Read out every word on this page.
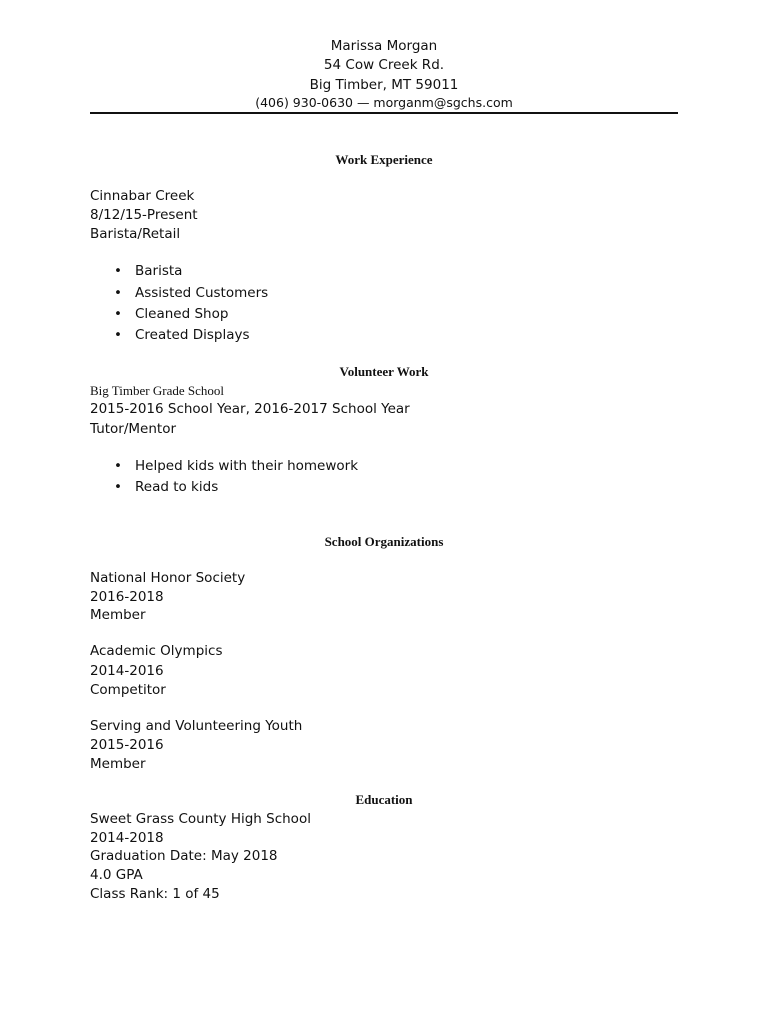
Marissa Morgan
54 Cow Creek Rd.
Big Timber, MT 59011
(406) 930-0630 — morganm@sgchs.com
Work Experience
Cinnabar Creek
8/12/15-Present
Barista/Retail
• Barista
• Assisted Customers
• Cleaned Shop
• Created Displays
Volunteer Work
Big Timber Grade School
2015-2016 School Year, 2016-2017 School Year
Tutor/Mentor
• Helped kids with their homework
• Read to kids
School Organizations
National Honor Society
2016-2018
Member
Academic Olympics
2014-2016
Competitor
Serving and Volunteering Youth
2015-2016
Member
Education
Sweet Grass County High School
2014-2018
Graduation Date: May 2018
4.0 GPA
Class Rank: 1 of 45
